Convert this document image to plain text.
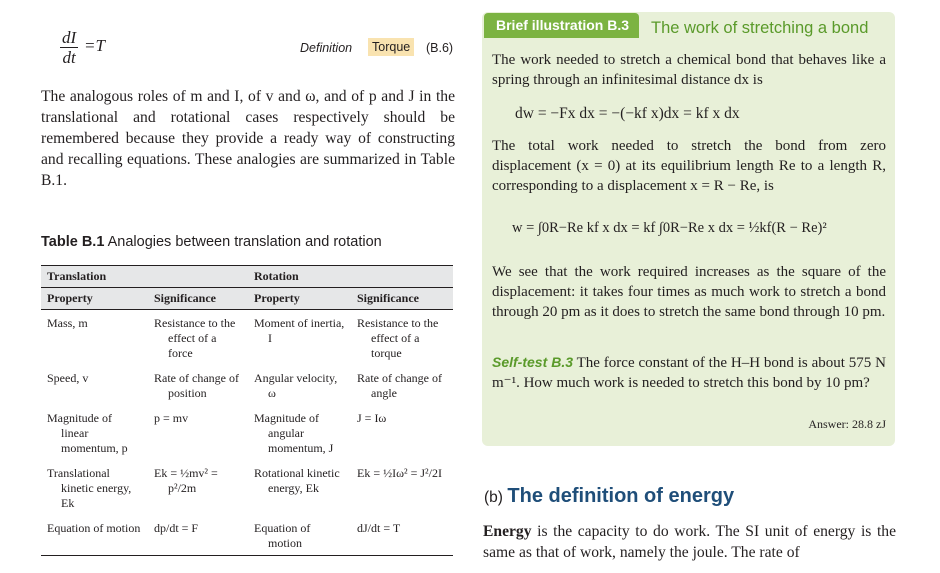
$\frac{dI}{dt} =T$	Definition	Torque	(B.6)

The analogous roles of m and I, of v and ω, and of p and J in the translational and rotational cases respectively should be remembered because they provide a ready way of constructing and recalling equations. These analogies are summarized in Table B.1.

Table B.1 Analogies between translation and rotation
Translation		Rotation	
Property	Significance	Property	Significance

Mass, m	Resistance to the effect of a force	Moment of inertia, I	Resistance to the effect of a torque

Speed, v	Rate of change of position	Angular velocity, ω	Rate of change of angle

Magnitude of linear momentum, p	p = mv	Magnitude of angular momentum, J	J = Iω

Translational kinetic energy, Ek	Ek = ½mv² = p²/2m	Rotational kinetic energy, Ek	Ek = ½Iω² = J²/2I

Equation of motion	dp/dt = F	Equation of motion	dJ/dt = T
Brief illustration B.3	The work of stretching a bond

The work needed to stretch a chemical bond that behaves like a spring through an infinitesimal distance dx is

dw = −Fx dx = −(−kf x)dx = kf x dx

The total work needed to stretch the bond from zero displacement (x = 0) at its equilibrium length Re to a length R, corresponding to a displacement x = R − Re, is

w = ∫0R−Re kf x dx = kf ∫0R−Re x dx = ½kf(R − Re)²

We see that the work required increases as the square of the displacement: it takes four times as much work to stretch a bond through 20 pm as it does to stretch the same bond through 10 pm.

Self-test B.3 The force constant of the H–H bond is about 575 N m⁻¹. How much work is needed to stretch this bond by 10 pm?

Answer: 28.8 zJ
(b) The definition of energy

Energy is the capacity to do work. The SI unit of energy is the same as that of work, namely the joule. The rate of
